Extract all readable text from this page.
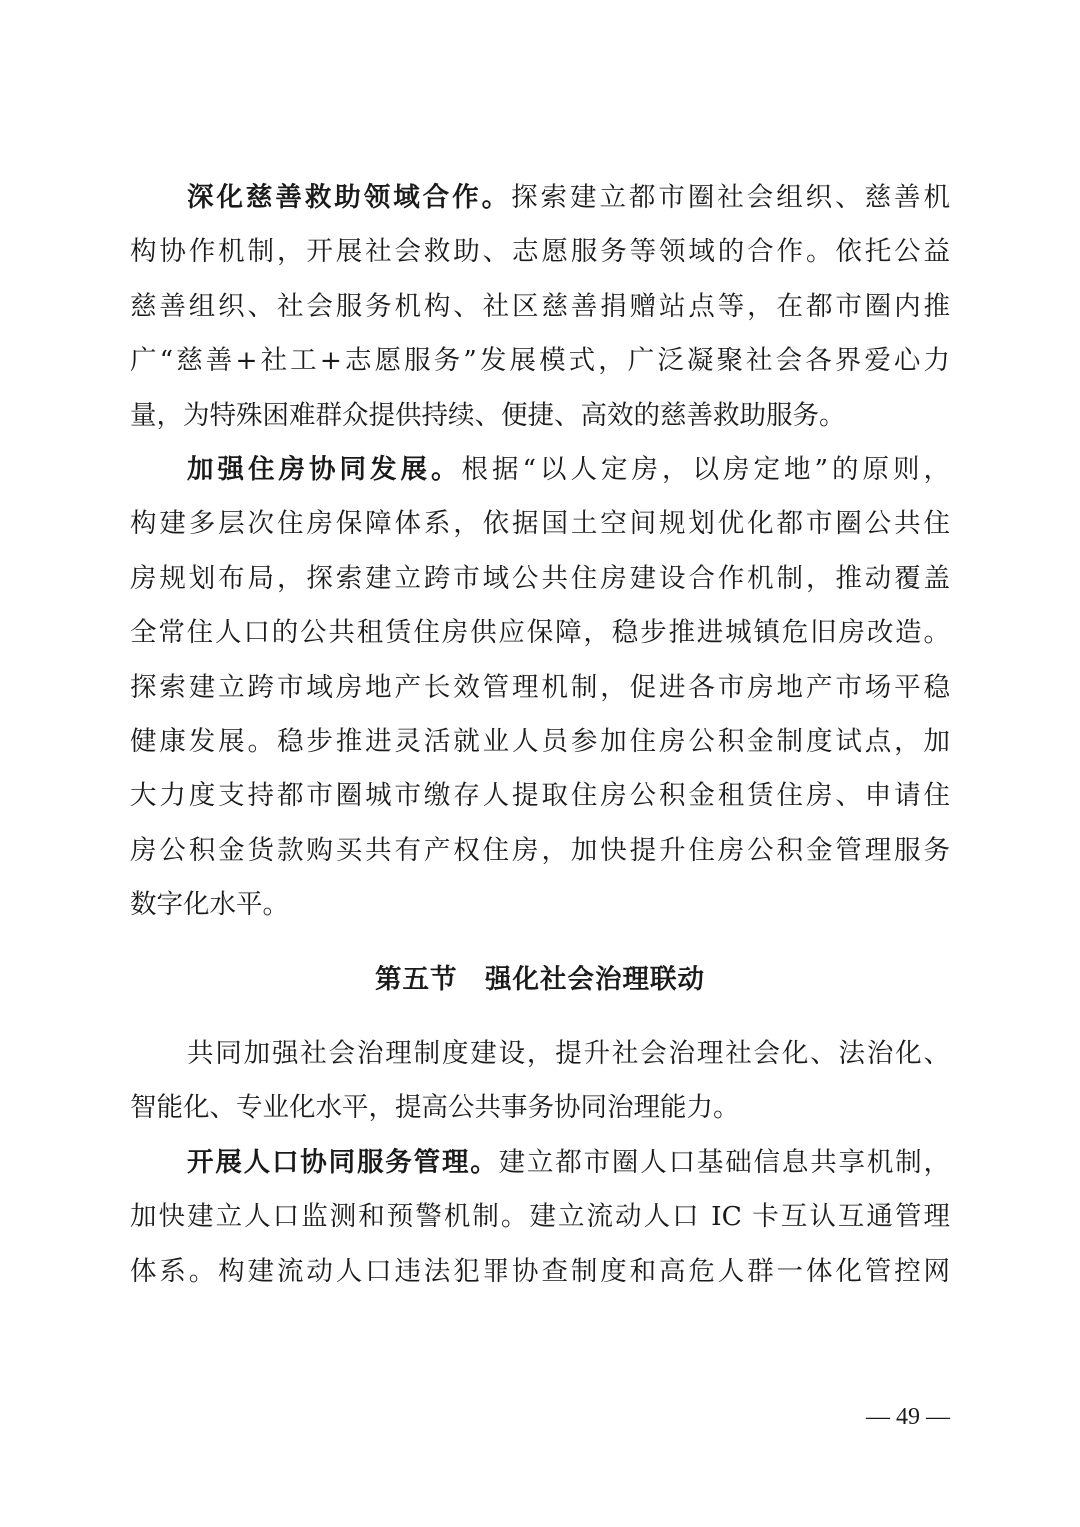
深化慈善救助领域合作。探索建立都市圈社会组织、慈善机
构协作机制，开展社会救助、志愿服务等领域的合作。依托公益
慈善组织、社会服务机构、社区慈善捐赠站点等，在都市圈内推
广“慈善+社工+志愿服务”发展模式，广泛凝聚社会各界爱心力
量，为特殊困难群众提供持续、便捷、高效的慈善救助服务。
加强住房协同发展。根据“以人定房，以房定地”的原则，
构建多层次住房保障体系，依据国土空间规划优化都市圈公共住
房规划布局，探索建立跨市域公共住房建设合作机制，推动覆盖
全常住人口的公共租赁住房供应保障，稳步推进城镇危旧房改造。
探索建立跨市域房地产长效管理机制，促进各市房地产市场平稳
健康发展。稳步推进灵活就业人员参加住房公积金制度试点，加
大力度支持都市圈城市缴存人提取住房公积金租赁住房、申请住
房公积金货款购买共有产权住房，加快提升住房公积金管理服务
数字化水平。
第五节　强化社会治理联动
共同加强社会治理制度建设，提升社会治理社会化、法治化、
智能化、专业化水平，提高公共事务协同治理能力。
开展人口协同服务管理。建立都市圈人口基础信息共享机制，
加快建立人口监测和预警机制。建立流动人口 IC 卡互认互通管理
体系。构建流动人口违法犯罪协查制度和高危人群一体化管控网
— 49 —
